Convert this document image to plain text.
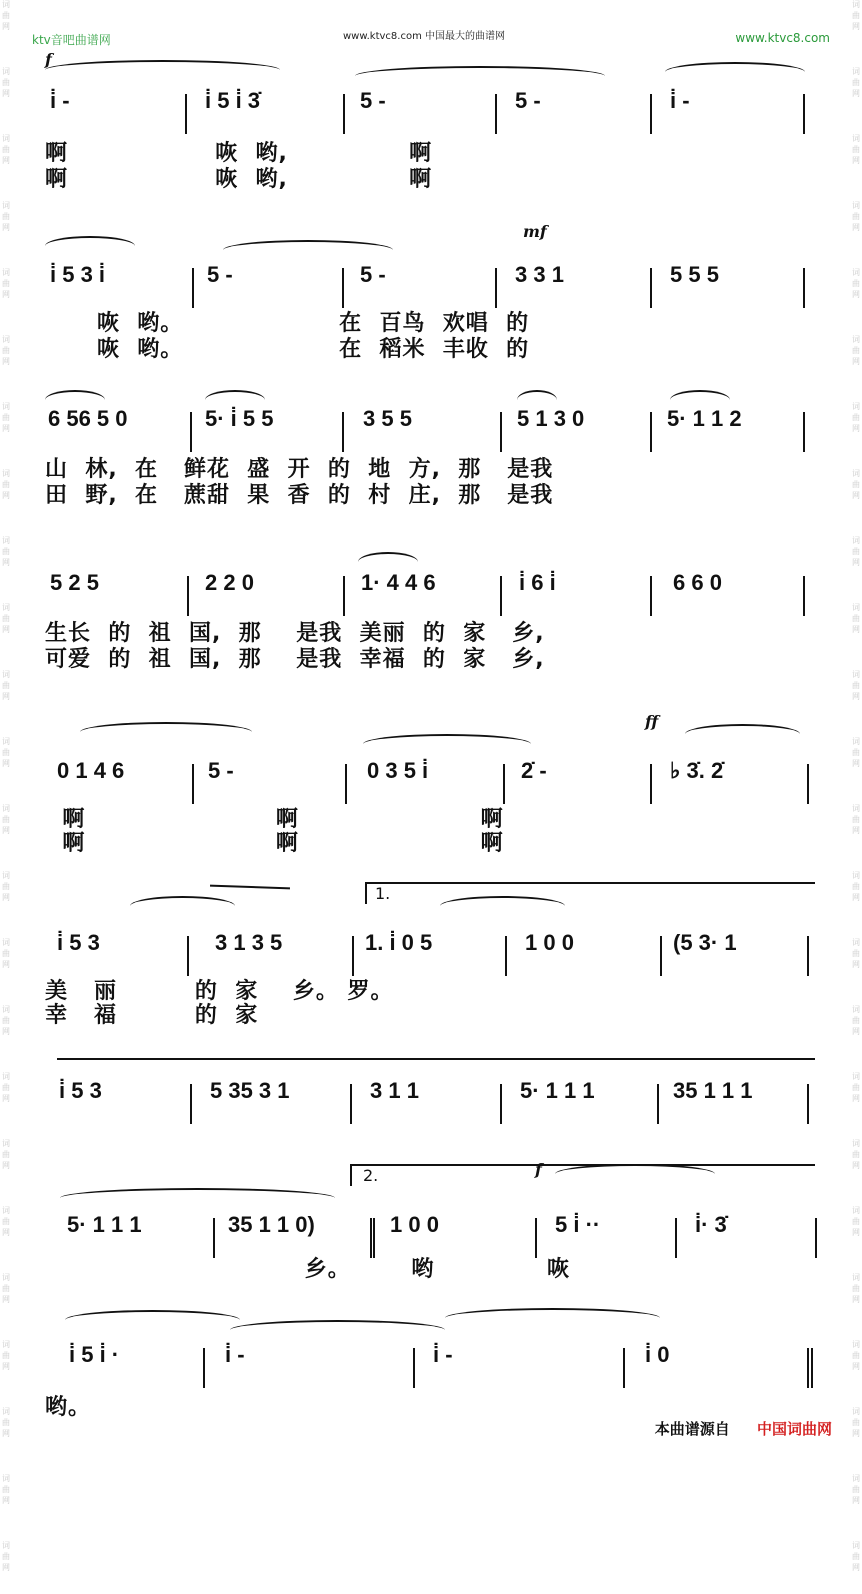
词
曲
网
词
曲
网
词
曲
网
词
曲
网
词
曲
网
词
曲
网
词
曲
网
词
曲
网
词
曲
网
词
曲
网
词
曲
网
词
曲
网
词
曲
网
词
曲
网
词
曲
网
词
曲
网
词
曲
网
词
曲
网
词
曲
网
词
曲
网
词
曲
网
词
曲
网
词
曲
网
词
曲
网
词
曲
网
词
曲
网
词
曲
网
词
曲
网
词
曲
网
词
曲
网
词
曲
网
词
曲
网
词
曲
网
词
曲
网
词
曲
网
词
曲
网
词
曲
网
词
曲
网
词
曲
网
词
曲
网
词
曲
网
词
曲
网
词
曲
网
词
曲
网
词
曲
网
词
曲
网
词
曲
网
词
曲
网
ktv音吧曲谱网	www.ktvc8.com 中国最大的曲谱网	www.ktvc8.com
f
i̇ -	i̇ 5 i̇ 3̇	5 -	5 -	i̇ -
啊                 咴  哟,              啊
啊                 咴  哟,              啊
mf
i̇ 5 3 i̇	5 -	5 -	3 3 1	5 5 5
咴  哟。                  在  百鸟  欢唱  的
咴  哟。                  在  稻米  丰收  的
6 56 5 0	5· i̇ 5 5	3 5 5	5 1 3 0	5· 1 1 2
山  林,  在   鲜花  盛  开  的  地  方,  那   是我
田  野,  在   蔗甜  果  香  的  村  庄,  那   是我
5 2 5	2 2 0	1· 4 4 6	i̇ 6 i̇	6 6 0
生长  的  祖  国,  那    是我  美丽  的  家   乡,
可爱  的  祖  国,  那    是我  幸福  的  家   乡,
ff
0 1 4 6	5 -	0 3 5 i̇	2̇ -	♭ 3̇. 2̇
啊                      啊                     啊
啊                      啊                     啊
1.
i̇ 5 3	3 1 3 5	1. i̇ 0 5	1 0 0	(5 3· 1
美   丽         的  家    乡。 罗。
幸   福         的  家
i̇ 5 3	5 35 3 1	3 1 1	5· 1 1 1	35 1 1 1
2.	f
5· 1 1 1	35 1 1 0)	1 0 0	5 i̇ ··	i̇· 3̇
乡。       哟             咴
i̇ 5 i̇ ·	i̇ -	i̇ -	i̇ 0
哟。
本曲谱源自 中国词曲网
